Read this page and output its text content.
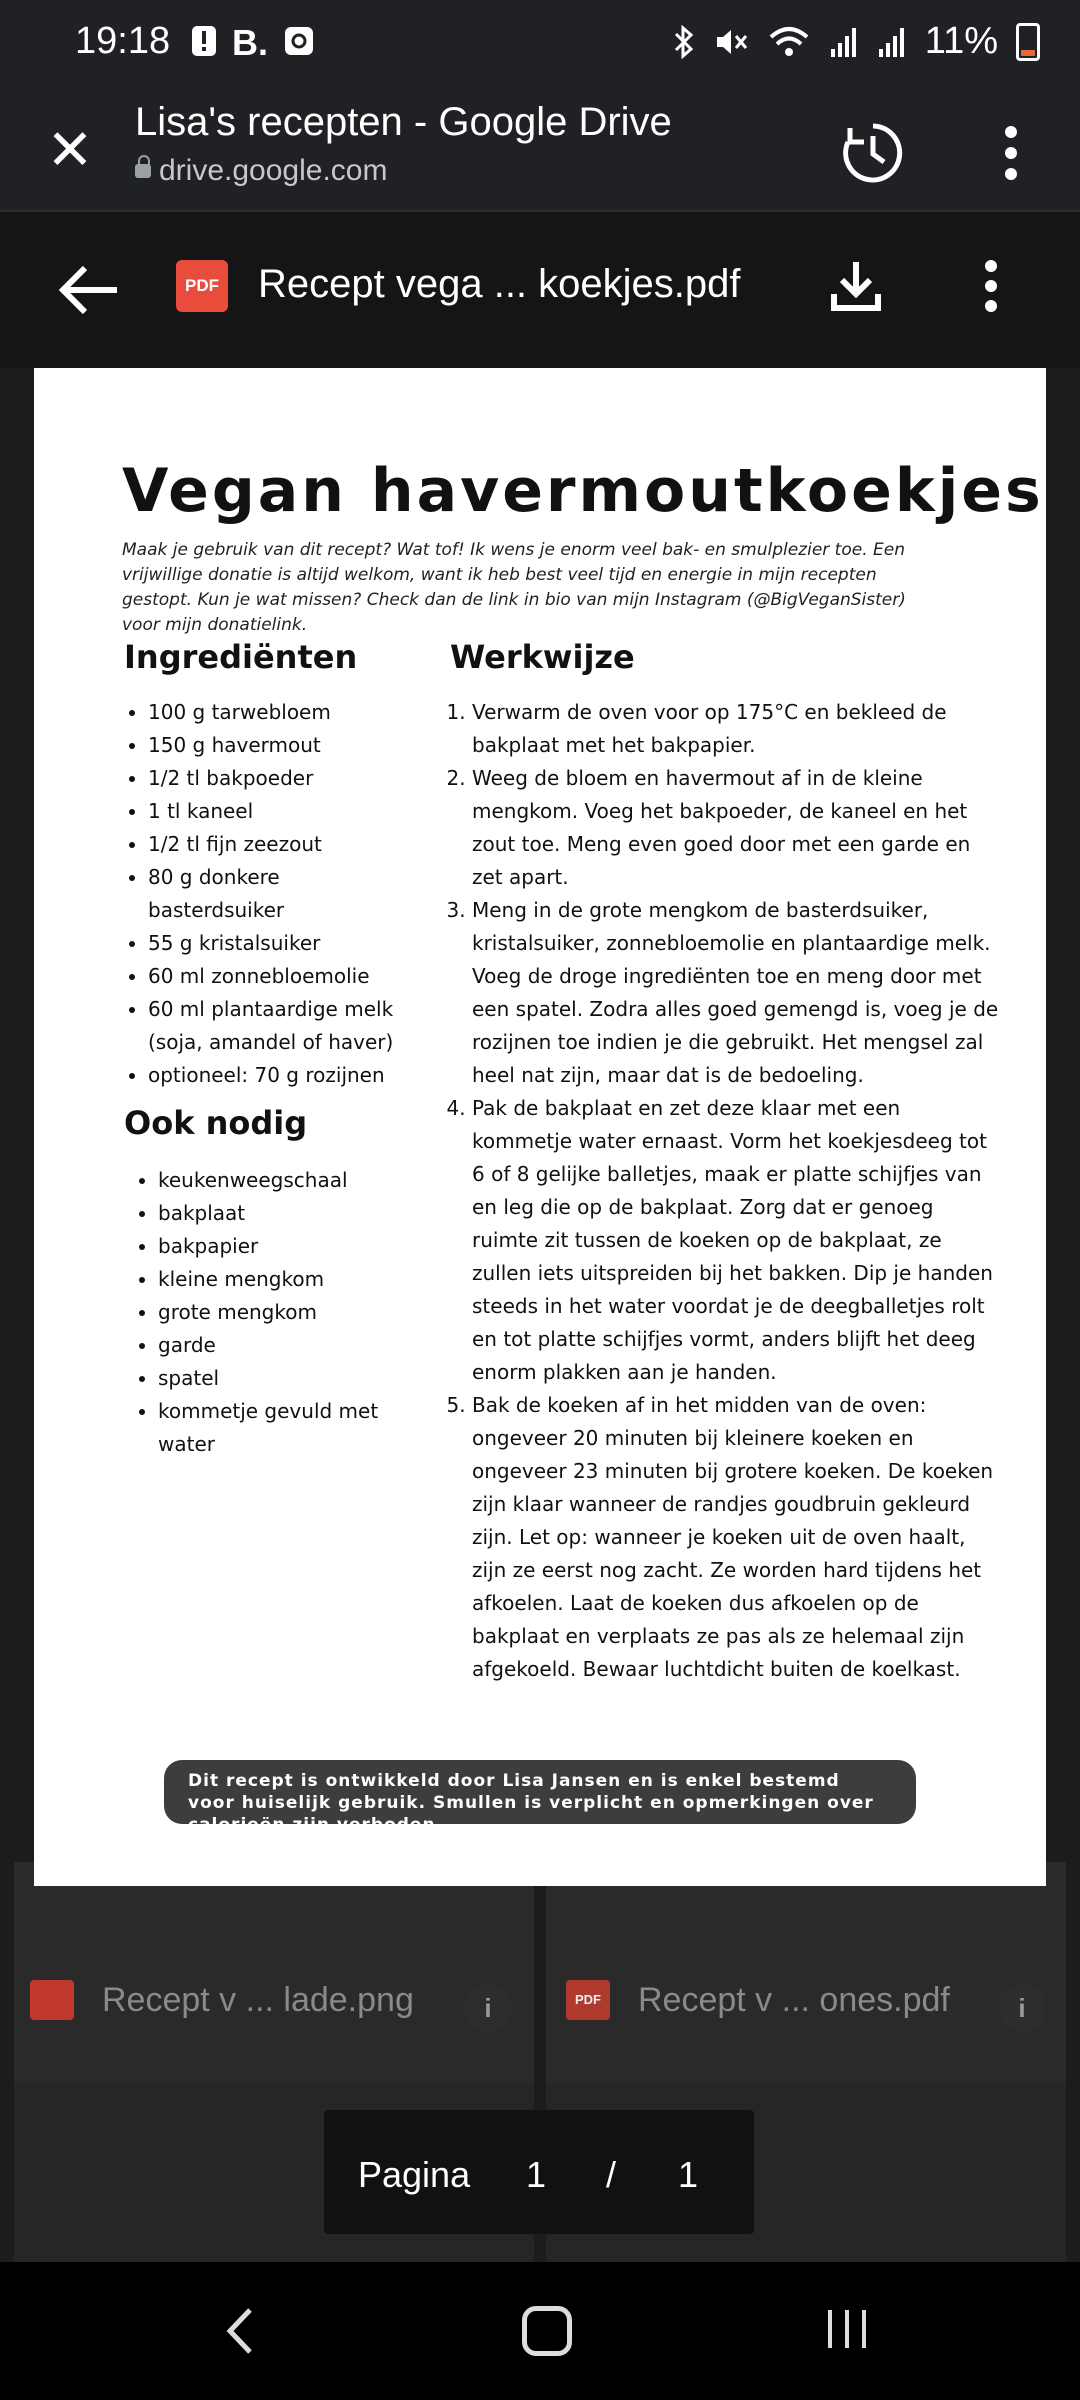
19:18 B.	11%
✕ Lisa's recepten - Google Drive
drive.google.com
PDF Recept vega ... koekjes.pdf
Vegan havermoutkoekjes
Maak je gebruik van dit recept? Wat tof! Ik wens je enorm veel bak- en smulplezier toe. Een vrijwillige donatie is altijd welkom, want ik heb best veel tijd en energie in mijn recepten gestopt. Kun je wat missen? Check dan de link in bio van mijn Instagram (@BigVeganSister) voor mijn donatielink.
Ingrediënten
• 100 g tarwebloem
• 150 g havermout
• 1/2 tl bakpoeder
• 1 tl kaneel
• 1/2 tl fijn zeezout
• 80 g donkere basterdsuiker
• 55 g kristalsuiker
• 60 ml zonnebloemolie
• 60 ml plantaardige melk (soja, amandel of haver)
• optioneel: 70 g rozijnen
Ook nodig
• keukenweegschaal
• bakplaat
• bakpapier
• kleine mengkom
• grote mengkom
• garde
• spatel
• kommetje gevuld met water
Werkwijze
1. Verwarm de oven voor op 175°C en bekleed de bakplaat met het bakpapier.
2. Weeg de bloem en havermout af in de kleine mengkom. Voeg het bakpoeder, de kaneel en het zout toe. Meng even goed door met een garde en zet apart.
3. Meng in de grote mengkom de basterdsuiker, kristalsuiker, zonnebloemolie en plantaardige melk. Voeg de droge ingrediënten toe en meng door met een spatel. Zodra alles goed gemengd is, voeg je de rozijnen toe indien je die gebruikt. Het mengsel zal heel nat zijn, maar dat is de bedoeling.
4. Pak de bakplaat en zet deze klaar met een kommetje water ernaast. Vorm het koekjesdeeg tot 6 of 8 gelijke balletjes, maak er platte schijfjes van en leg die op de bakplaat. Zorg dat er genoeg ruimte zit tussen de koeken op de bakplaat, ze zullen iets uitspreiden bij het bakken. Dip je handen steeds in het water voordat je de deegballetjes rolt en tot platte schijfjes vormt, anders blijft het deeg enorm plakken aan je handen.
5. Bak de koeken af in het midden van de oven: ongeveer 20 minuten bij kleinere koeken en ongeveer 23 minuten bij grotere koeken. De koeken zijn klaar wanneer de randjes goudbruin gekleurd zijn. Let op: wanneer je koeken uit de oven haalt, zijn ze eerst nog zacht. Ze worden hard tijdens het afkoelen. Laat de koeken dus afkoelen op de bakplaat en verplaats ze pas als ze helemaal zijn afgekoeld. Bewaar luchtdicht buiten de koelkast.
Dit recept is ontwikkeld door Lisa Jansen en is enkel bestemd voor huiselijk gebruik. Smullen is verplicht en opmerkingen over calorieën zijn verboden.
Recept v ... lade.png	i	PDF Recept v ... ones.pdf	i
Pagina 1 / 1
